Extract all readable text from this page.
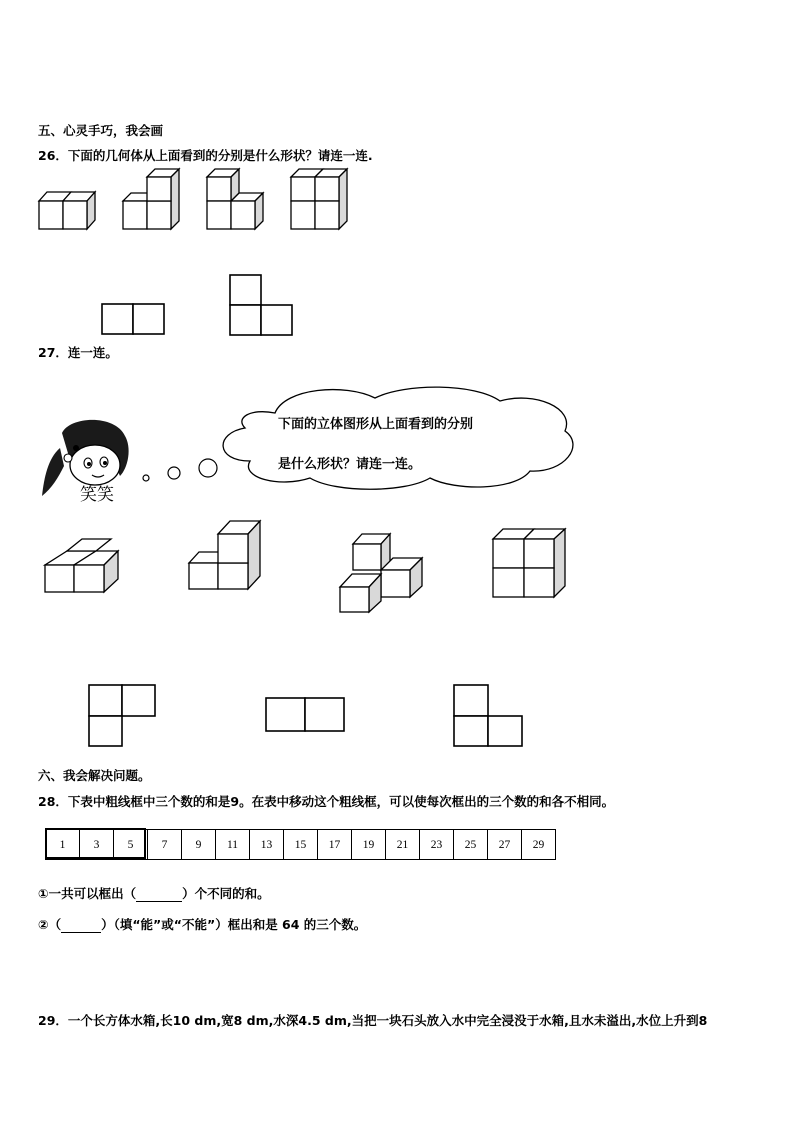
五、心灵手巧，我会画
26．下面的几何体从上面看到的分别是什么形状？请连一连.
27．连一连。
下面的立体图形从上面看到的分别
是什么形状？请连一连。
笑笑
六、我会解决问题。
28．下表中粗线框中三个数的和是9。在表中移动这个粗线框，可以使每次框出的三个数的和各不相同。
1	3	5	7	9	11	13	15	17	19	21	23	25	27	29
①一共可以框出（	）个不同的和。
②（	）（填“能”或“不能”）框出和是 64 的三个数。
29．一个长方体水箱,长10 dm,宽8 dm,水深4.5 dm,当把一块石头放入水中完全浸没于水箱,且水未溢出,水位上升到8
